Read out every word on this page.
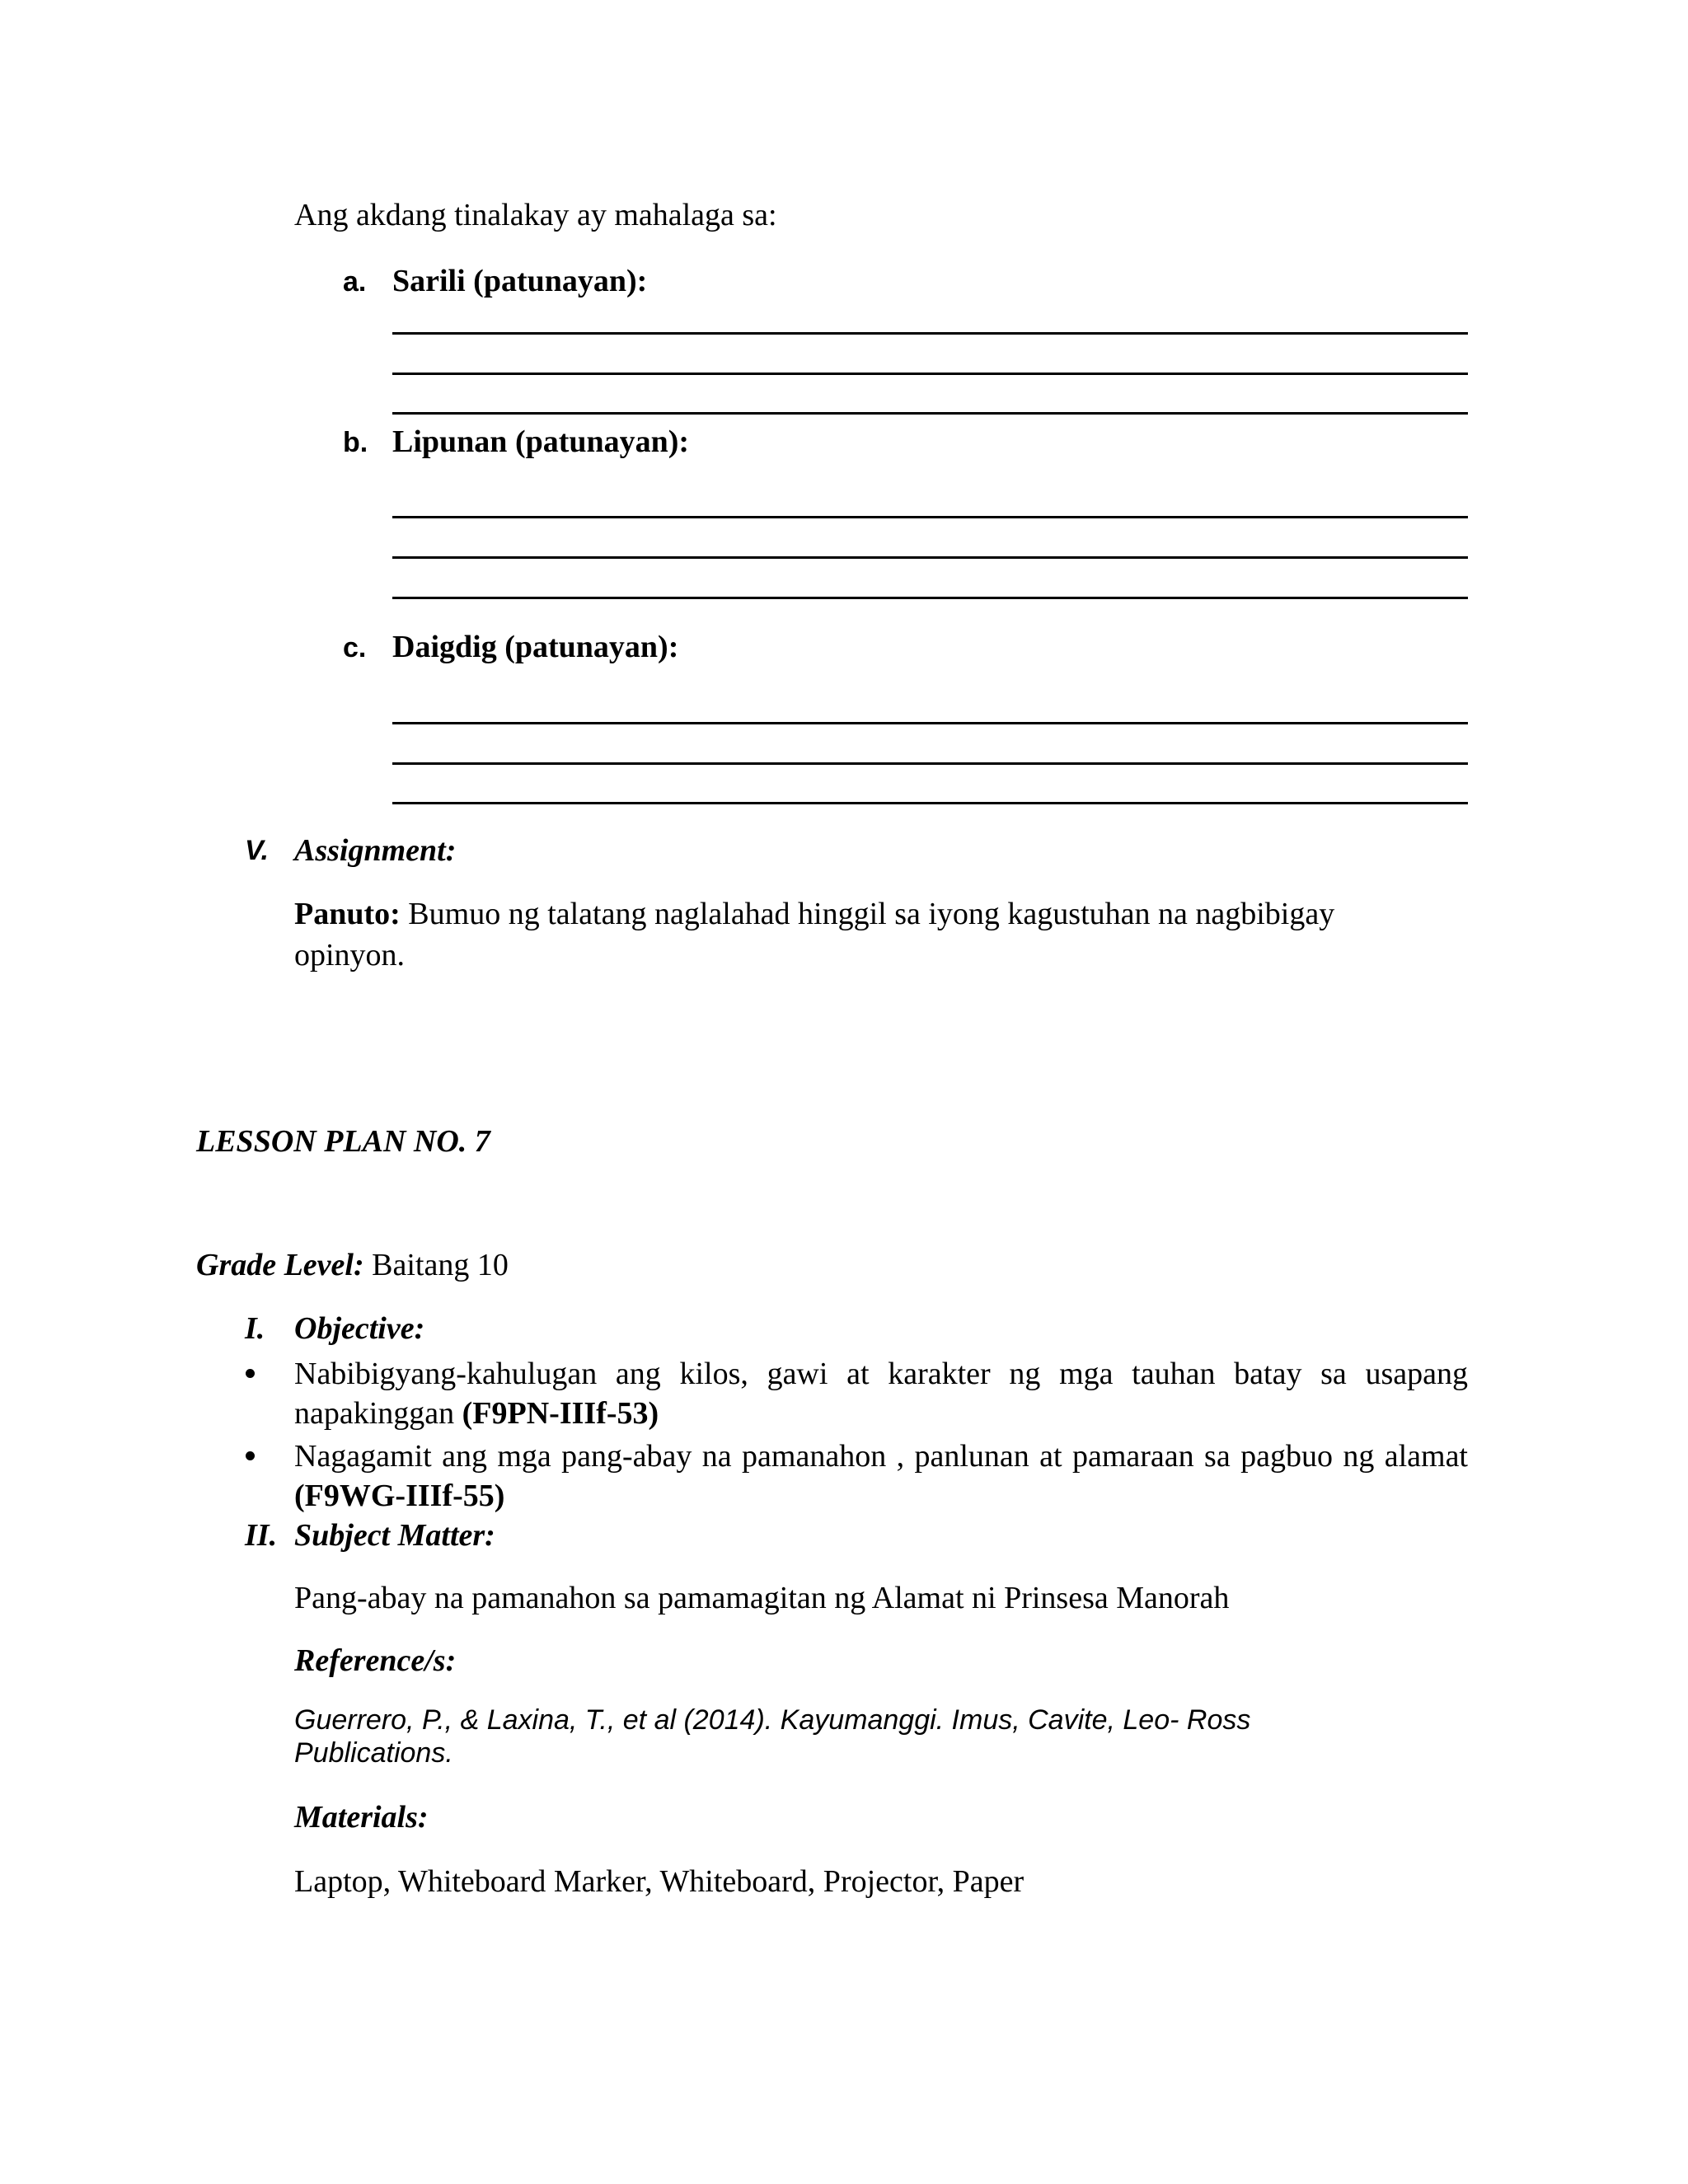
Ang akdang tinalakay ay mahalaga sa:
a. Sarili (patunayan):
b. Lipunan (patunayan):
c. Daigdig (patunayan):
V. Assignment:
Panuto: Bumuo ng talatang naglalahad hinggil sa iyong kagustuhan na nagbibigay
opinyon.
LESSON PLAN NO. 7
Grade Level: Baitang 10
I. Objective:
Nabibigyang-kahulugan ang kilos, gawi at karakter ng mga tauhan batay sa usapang
napakinggan (F9PN-IIIf-53)
Nagagamit ang mga pang-abay na pamanahon , panlunan at pamaraan sa pagbuo ng alamat
(F9WG-IIIf-55)
II. Subject Matter:
Pang-abay na pamanahon sa pamamagitan ng Alamat ni Prinsesa Manorah
Reference/s:
Guerrero, P., & Laxina, T., et al (2014). Kayumanggi. Imus, Cavite, Leo- Ross
Publications.
Materials:
Laptop, Whiteboard Marker, Whiteboard, Projector, Paper
